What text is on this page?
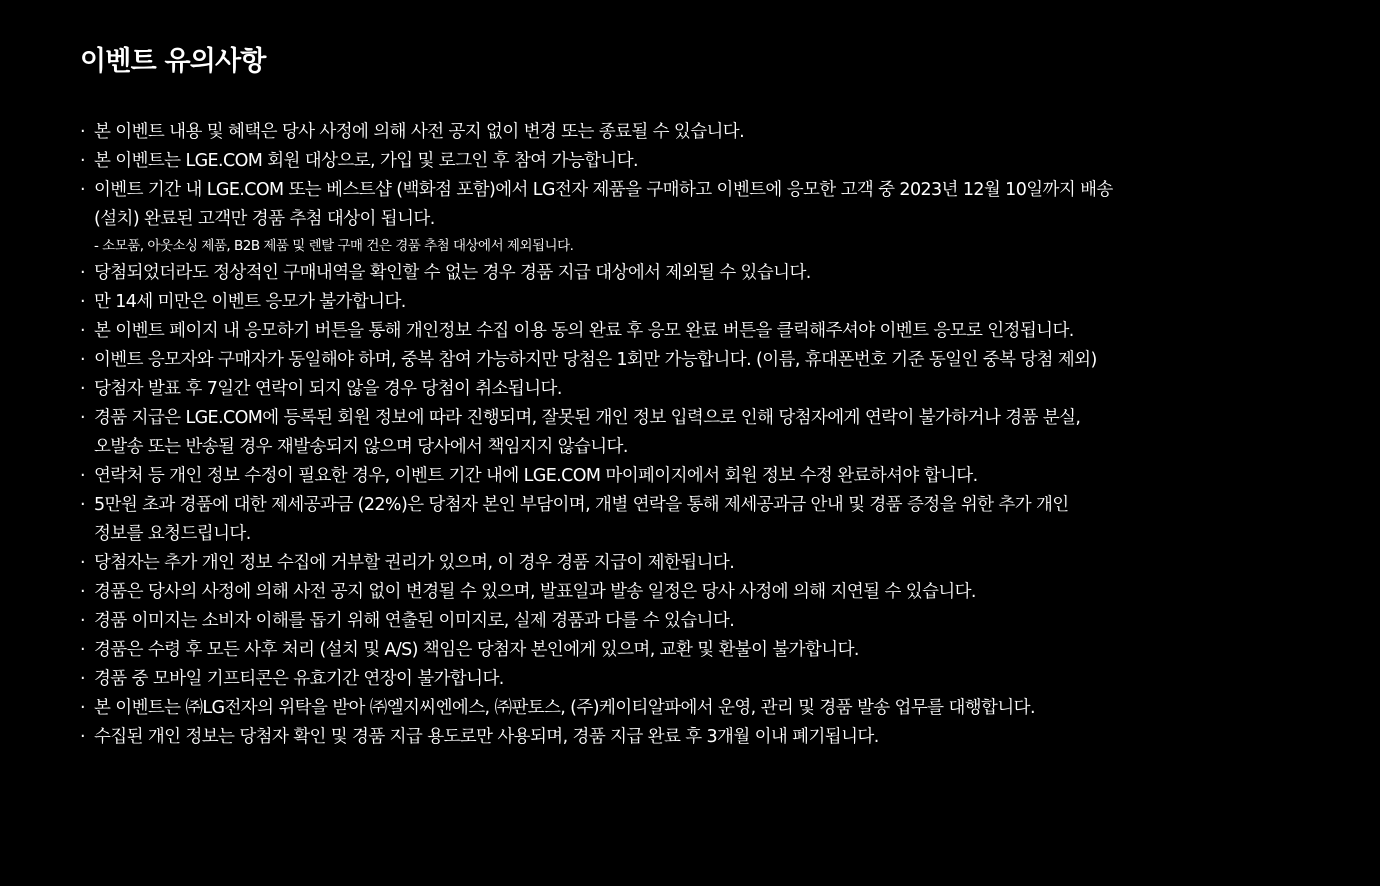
이벤트 유의사항
· 본 이벤트 내용 및 혜택은 당사 사정에 의해 사전 공지 없이 변경 또는 종료될 수 있습니다.
· 본 이벤트는 LGE.COM 회원 대상으로, 가입 및 로그인 후 참여 가능합니다.
· 이벤트 기간 내 LGE.COM 또는 베스트샵 (백화점 포함)에서 LG전자 제품을 구매하고 이벤트에 응모한 고객 중 2023년 12월 10일까지 배송
(설치) 완료된 고객만 경품 추첨 대상이 됩니다.
- 소모품, 아웃소싱 제품, B2B 제품 및 렌탈 구매 건은 경품 추첨 대상에서 제외됩니다.
· 당첨되었더라도 정상적인 구매내역을 확인할 수 없는 경우 경품 지급 대상에서 제외될 수 있습니다.
· 만 14세 미만은 이벤트 응모가 불가합니다.
· 본 이벤트 페이지 내 응모하기 버튼을 통해 개인정보 수집 이용 동의 완료 후 응모 완료 버튼을 클릭해주셔야 이벤트 응모로 인정됩니다.
· 이벤트 응모자와 구매자가 동일해야 하며, 중복 참여 가능하지만 당첨은 1회만 가능합니다. (이름, 휴대폰번호 기준 동일인 중복 당첨 제외)
· 당첨자 발표 후 7일간 연락이 되지 않을 경우 당첨이 취소됩니다.
· 경품 지급은 LGE.COM에 등록된 회원 정보에 따라 진행되며, 잘못된 개인 정보 입력으로 인해 당첨자에게 연락이 불가하거나 경품 분실,
오발송 또는 반송될 경우 재발송되지 않으며 당사에서 책임지지 않습니다.
· 연락처 등 개인 정보 수정이 필요한 경우, 이벤트 기간 내에 LGE.COM 마이페이지에서 회원 정보 수정 완료하셔야 합니다.
· 5만원 초과 경품에 대한 제세공과금 (22%)은 당첨자 본인 부담이며, 개별 연락을 통해 제세공과금 안내 및 경품 증정을 위한 추가 개인
정보를 요청드립니다.
· 당첨자는 추가 개인 정보 수집에 거부할 권리가 있으며, 이 경우 경품 지급이 제한됩니다.
· 경품은 당사의 사정에 의해 사전 공지 없이 변경될 수 있으며, 발표일과 발송 일정은 당사 사정에 의해 지연될 수 있습니다.
· 경품 이미지는 소비자 이해를 돕기 위해 연출된 이미지로, 실제 경품과 다를 수 있습니다.
· 경품은 수령 후 모든 사후 처리 (설치 및 A/S) 책임은 당첨자 본인에게 있으며, 교환 및 환불이 불가합니다.
· 경품 중 모바일 기프티콘은 유효기간 연장이 불가합니다.
· 본 이벤트는 ㈜LG전자의 위탁을 받아 ㈜엘지씨엔에스, ㈜판토스, (주)케이티알파에서 운영, 관리 및 경품 발송 업무를 대행합니다.
· 수집된 개인 정보는 당첨자 확인 및 경품 지급 용도로만 사용되며, 경품 지급 완료 후 3개월 이내 폐기됩니다.
